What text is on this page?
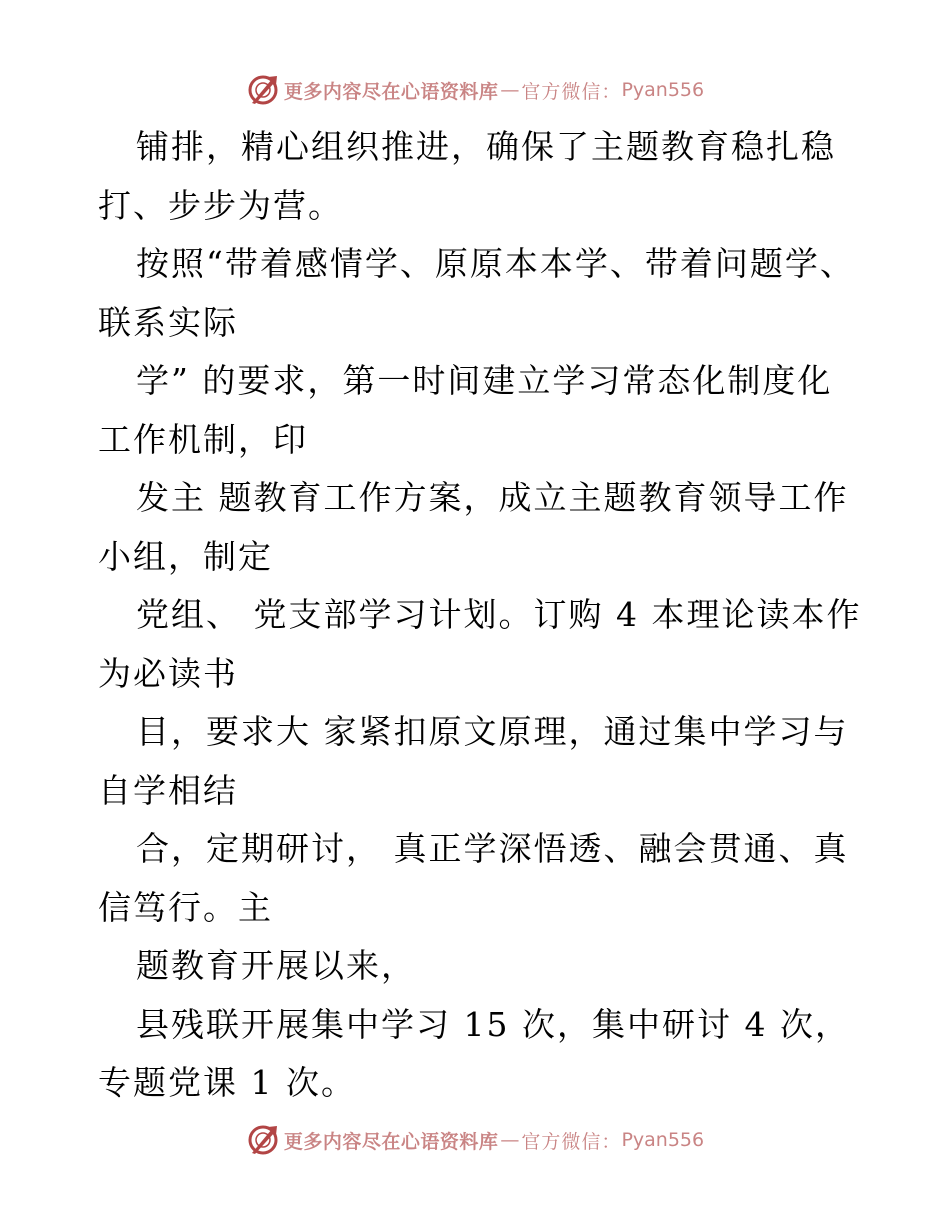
更多内容尽在心语资料库 — 官方微信： Pyan556
铺排，精心组织推进，确保了主题教育稳扎稳
打、步步为营。
按照“带着感情学、原原本本学、带着问题学、
联系实际
学” 的要求，第一时间建立学习常态化制度化
工作机制，印
发主 题教育工作方案，成立主题教育领导工作
小组，制定
党组、 党支部学习计划。订购 4 本理论读本作
为必读书
目，要求大 家紧扣原文原理，通过集中学习与
自学相结
合，定期研讨， 真正学深悟透、融会贯通、真
信笃行。主
题教育开展以来，
县残联开展集中学习 15 次，集中研讨 4 次，
专题党课 1 次。
更多内容尽在心语资料库 — 官方微信： Pyan556
